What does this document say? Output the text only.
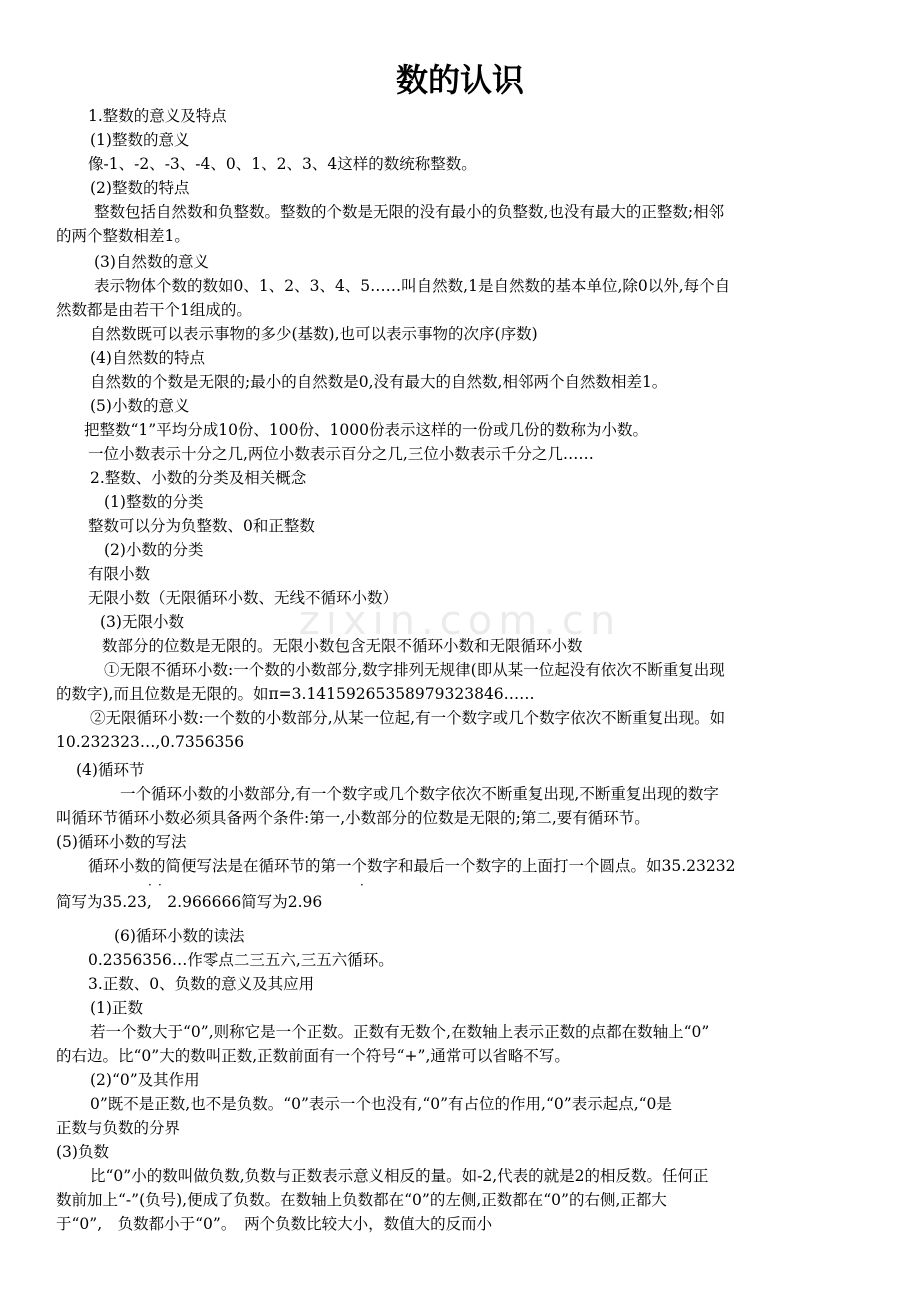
数的认识
zixin.com.cn
1.整数的意义及特点
(1)整数的意义
像-1、-2、-3、-4、0、1、2、3、4这样的数统称整数。
(2)整数的特点
整数包括自然数和负整数。整数的个数是无限的没有最小的负整数,也没有最大的正整数;相邻
的两个整数相差1。
(3)自然数的意义
表示物体个数的数如0、1、2、3、4、5……叫自然数,1是自然数的基本单位,除0以外,每个自
然数都是由若干个1组成的。
自然数既可以表示事物的多少(基数),也可以表示事物的次序(序数)
(4)自然数的特点
自然数的个数是无限的;最小的自然数是0,没有最大的自然数,相邻两个自然数相差1。
(5)小数的意义
把整数“1”平均分成10份、100份、1000份表示这样的一份或几份的数称为小数。
一位小数表示十分之几,两位小数表示百分之几,三位小数表示千分之几……
2.整数、小数的分类及相关概念
(1)整数的分类
整数可以分为负整数、0和正整数
(2)小数的分类
有限小数
无限小数（无限循环小数、无线不循环小数）
(3)无限小数
数部分的位数是无限的。无限小数包含无限不循环小数和无限循环小数
①无限不循环小数:一个数的小数部分,数字排列无规律(即从某一位起没有依次不断重复出现
的数字),而且位数是无限的。如π=3.14159265358979323846……
②无限循环小数:一个数的小数部分,从某一位起,有一个数字或几个数字依次不断重复出现。如
10.232323…,0.7356356
(4)循环节
一个循环小数的小数部分,有一个数字或几个数字依次不断重复出现,不断重复出现的数字
叫循环节循环小数必须具备两个条件:第一,小数部分的位数是无限的;第二,要有循环节。
(5)循环小数的写法
循环小数的简便写法是在循环节的第一个数字和最后一个数字的上面打一个圆点。如35.23232
· ·	·
简写为35.23,　2.966666简写为2.96
(6)循环小数的读法
0.2356356…作零点二三五六,三五六循环。
3.正数、0、负数的意义及其应用
(1)正数
若一个数大于“0”,则称它是一个正数。正数有无数个,在数轴上表示正数的点都在数轴上“0”
的右边。比“0”大的数叫正数,正数前面有一个符号“+”,通常可以省略不写。
(2)“0”及其作用
0”既不是正数,也不是负数。“0”表示一个也没有,“0”有占位的作用,“0”表示起点,“0是
正数与负数的分界
(3)负数
比“0”小的数叫做负数,负数与正数表示意义相反的量。如-2,代表的就是2的相反数。任何正
数前加上“-”(负号),便成了负数。在数轴上负数都在“0”的左侧,正数都在“0”的右侧,正都大
于“0”,　负数都小于“0”。　两个负数比较大小，数值大的反而小
